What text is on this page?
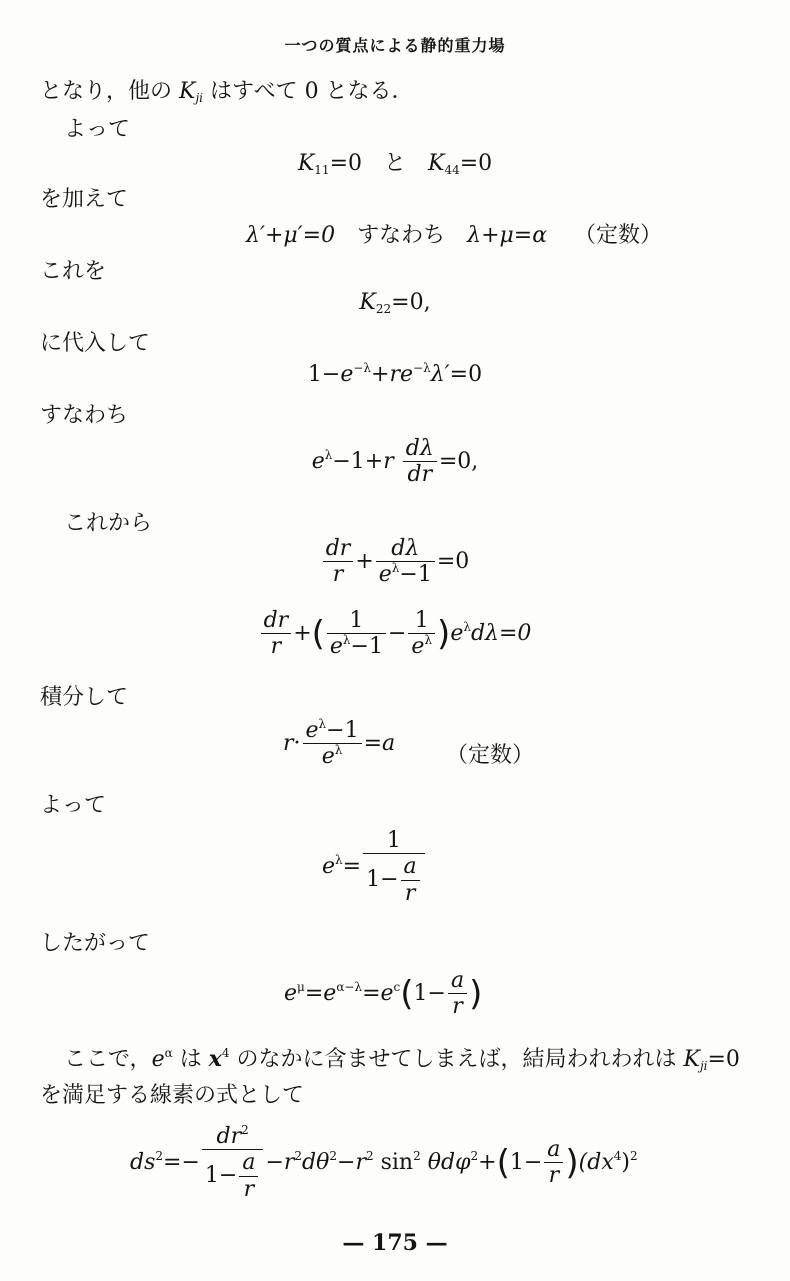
一つの質点による静的重力場
となり，他の $K_{ji}$ はすべて 0 となる．
よって
$K_{11}=0$　と　$K_{44}=0$
を加えて
λ′+μ′=0　すなわち　λ+μ=α （定数）
これを
$K_{22}=0$,
に代入して
$1-e^{-\lambda}+re^{-\lambda}\lambda'=0$
すなわち
$e^\lambda-1+r \frac{d\lambda}{dr} =0$,
これから
$\frac{dr}{r} + \frac{d\lambda}{e^\lambda-1} =0$
$\frac{dr}{r}$ +( $\frac{1}{e^\lambda-1} - \frac{1}{e^\lambda} )e^\lambda d\lambda=0$
積分して
$r\cdot \frac{e^\lambda-1}{e^\lambda} =a$ （定数）
よって
$e^\lambda= \frac{1}{1- \frac{a}{r}}$
したがって
$e^\mu=e^{\alpha-\lambda}=e^c(1- \frac{a}{r}$ )
ここで，$e^\alpha$ は $x^4$ のなかに含ませてしまえば，結局われわれは $K_{ji}=0$
を満足する線素の式として
$ds^2=- \frac{dr^2}{1- \frac{a}{r}} -r^2d\theta^2-r^2$ $\sin^2 \theta d\varphi^2+(1- \frac{a}{r} )(dx^4)^2$
— 175 —
